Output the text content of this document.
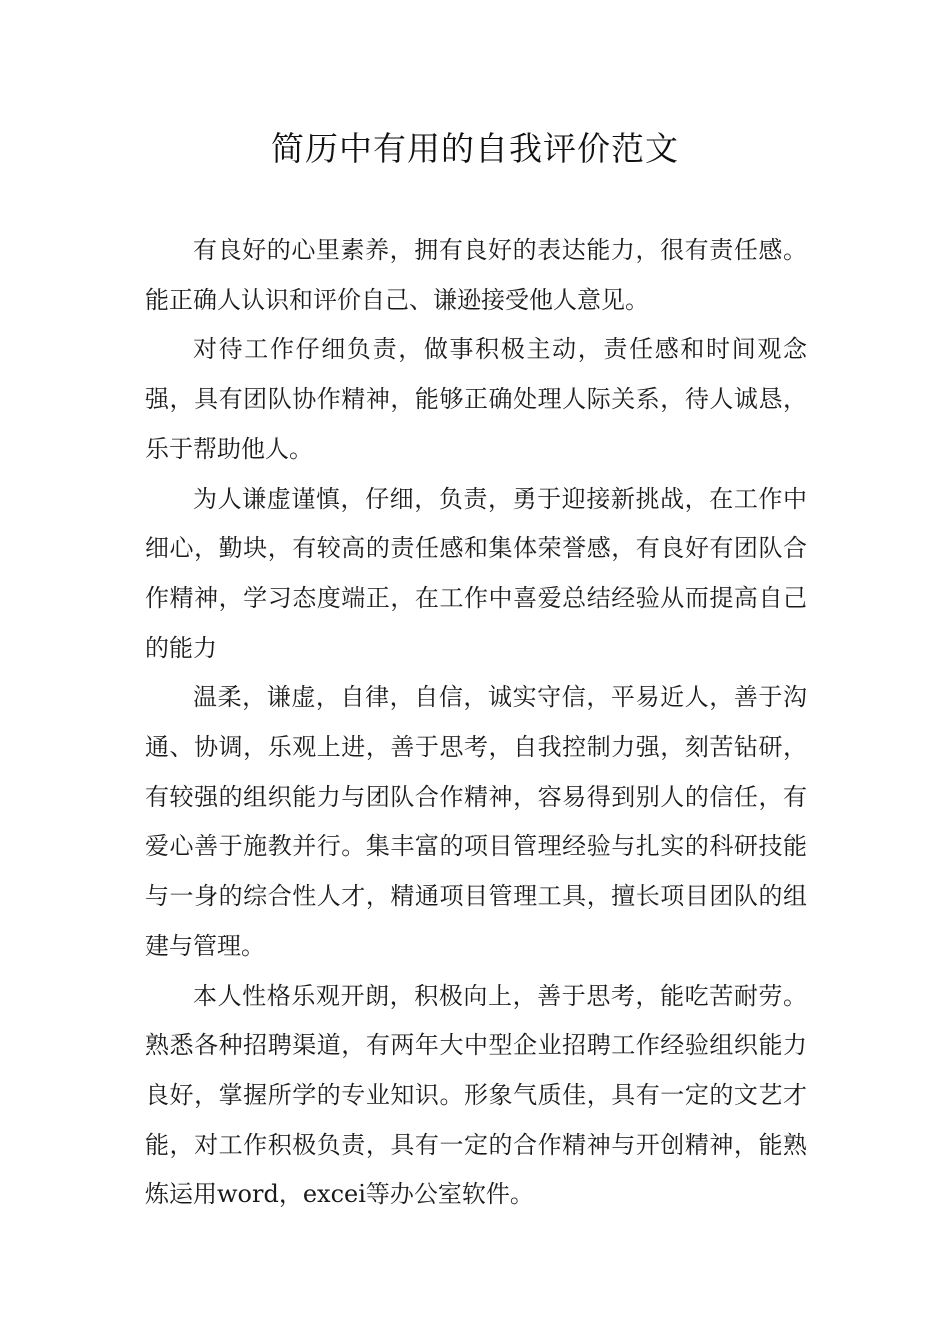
简历中有用的自我评价范文

有良好的心里素养，拥有良好的表达能力，很有责任感。能正确人认识和评价自己、谦逊接受他人意见。

对待工作仔细负责，做事积极主动，责任感和时间观念强，具有团队协作精神，能够正确处理人际关系，待人诚恳，乐于帮助他人。

为人谦虚谨慎，仔细，负责，勇于迎接新挑战，在工作中细心，勤块，有较高的责任感和集体荣誉感，有良好有团队合作精神，学习态度端正，在工作中喜爱总结经验从而提高自己的能力

温柔，谦虚，自律，自信，诚实守信，平易近人，善于沟通、协调，乐观上进，善于思考，自我控制力强，刻苦钻研，有较强的组织能力与团队合作精神，容易得到别人的信任，有爱心善于施教并行。集丰富的项目管理经验与扎实的科研技能与一身的综合性人才，精通项目管理工具，擅长项目团队的组建与管理。

本人性格乐观开朗，积极向上，善于思考，能吃苦耐劳。熟悉各种招聘渠道，有两年大中型企业招聘工作经验组织能力良好，掌握所学的专业知识。形象气质佳，具有一定的文艺才能，对工作积极负责，具有一定的合作精神与开创精神，能熟炼运用word，excei等办公室软件。
